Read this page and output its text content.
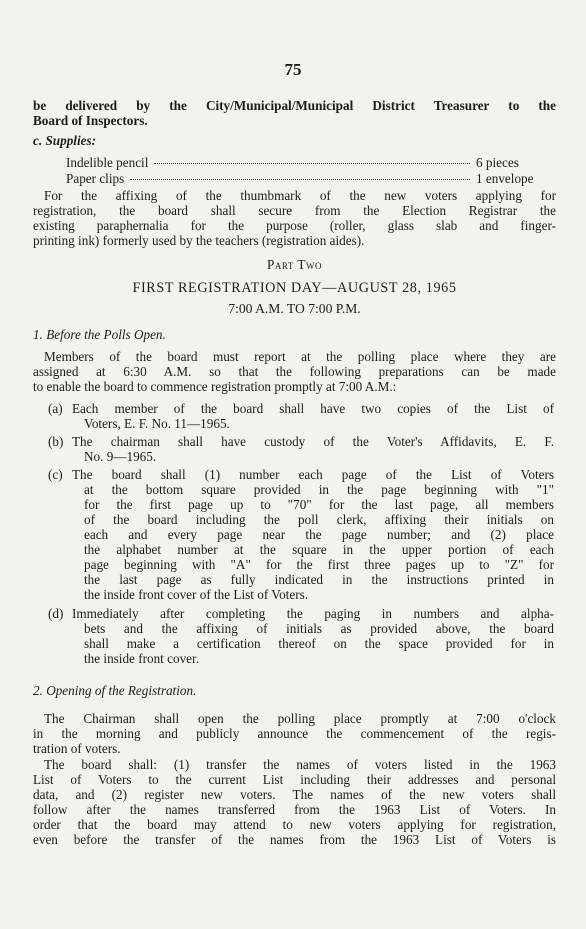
75
be delivered by the City/Municipal/Municipal District Treasurer to the
Board of Inspectors.
c. Supplies:
Indelible pencil	6 pieces
Paper clips	1 envelope
For the affixing of the thumbmark of the new voters applying for
registration, the board shall secure from the Election Registrar the
existing paraphernalia for the purpose (roller, glass slab and finger-
printing ink) formerly used by the teachers (registration aides).
Part Two
FIRST REGISTRATION DAY—AUGUST 28, 1965
7:00 A.M. TO 7:00 P.M.
1. Before the Polls Open.
Members of the board must report at the polling place where they are
assigned at 6:30 A.M. so that the following preparations can be made
to enable the board to commence registration promptly at 7:00 A.M.:
(a) Each member of the board shall have two copies of the List of
Voters, E. F. No. 11—1965.
(b) The chairman shall have custody of the Voter's Affidavits, E. F.
No. 9—1965.
(c) The board shall (1) number each page of the List of Voters
at the bottom square provided in the page beginning with "1"
for the first page up to "70" for the last page, all members
of the board including the poll clerk, affixing their initials on
each and every page near the page number; and (2) place
the alphabet number at the square in the upper portion of each
page beginning with "A" for the first three pages up to "Z" for
the last page as fully indicated in the instructions printed in
the inside front cover of the List of Voters.
(d) Immediately after completing the paging in numbers and alpha-
bets and the affixing of initials as provided above, the board
shall make a certification thereof on the space provided for in
the inside front cover.
2. Opening of the Registration.
The Chairman shall open the polling place promptly at 7:00 o'clock
in the morning and publicly announce the commencement of the regis-
tration of voters.
The board shall: (1) transfer the names of voters listed in the 1963
List of Voters to the current List including their addresses and personal
data, and (2) register new voters. The names of the new voters shall
follow after the names transferred from the 1963 List of Voters. In
order that the board may attend to new voters applying for registration,
even before the transfer of the names from the 1963 List of Voters is
